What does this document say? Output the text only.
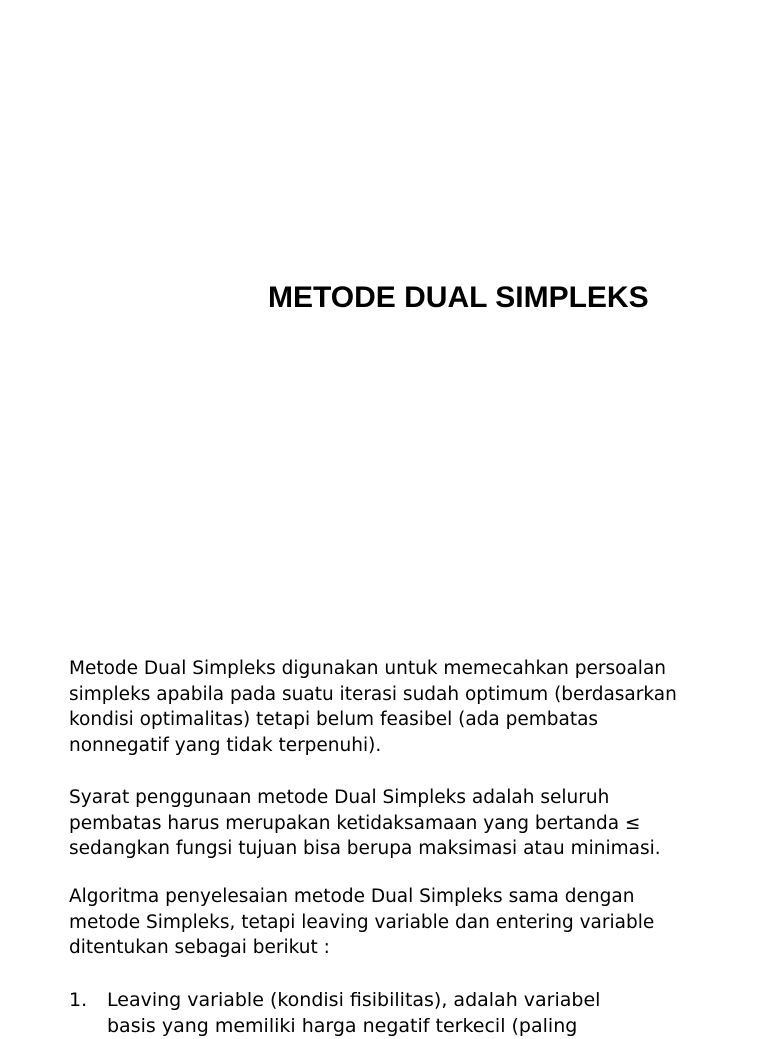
METODE DUAL SIMPLEKS

Metode Dual Simpleks digunakan untuk memecahkan persoalan
simpleks apabila pada suatu iterasi sudah optimum (berdasarkan
kondisi optimalitas) tetapi belum feasibel (ada pembatas
nonnegatif yang tidak terpenuhi).

Syarat penggunaan metode Dual Simpleks adalah seluruh
pembatas harus merupakan ketidaksamaan yang bertanda ≤
sedangkan fungsi tujuan bisa berupa maksimasi atau minimasi.

Algoritma penyelesaian metode Dual Simpleks sama dengan
metode Simpleks, tetapi leaving variable dan entering variable
ditentukan sebagai berikut :

1. Leaving variable (kondisi fisibilitas), adalah variabel
basis yang memiliki harga negatif terkecil (paling
